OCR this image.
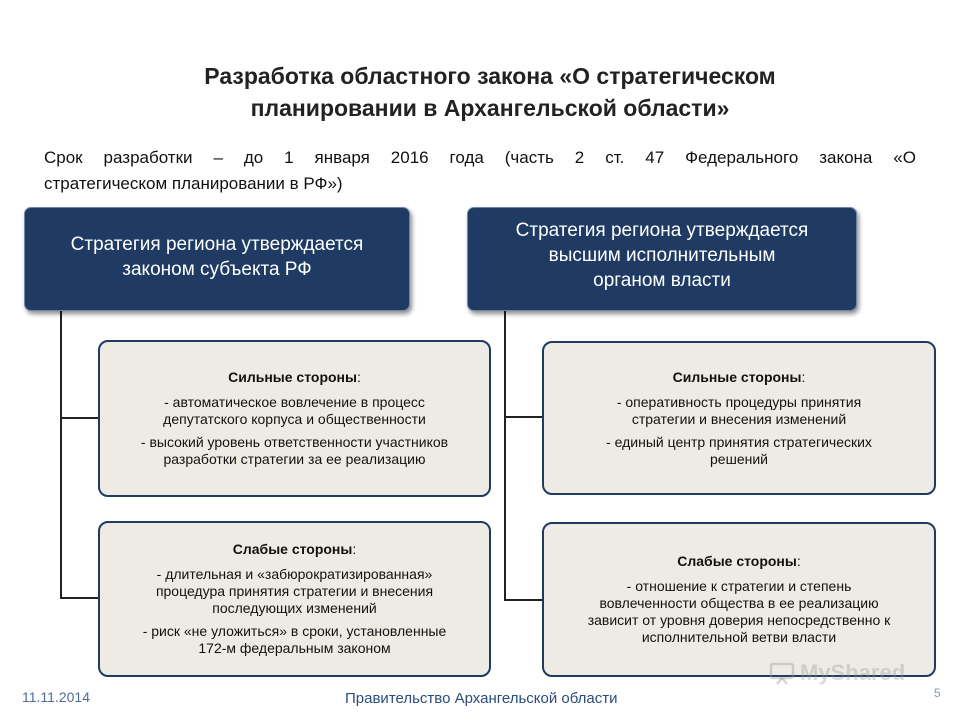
Разработка областного закона «О стратегическом
планировании в Архангельской области»
Срок разработки – до 1 января 2016 года (часть 2 ст. 47 Федерального закона «О
стратегическом планировании в РФ»)
Стратегия региона утверждается
законом субъекта РФ
Стратегия региона утверждается
высшим исполнительным
органом власти
Сильные стороны:
- автоматическое вовлечение в процесс
депутатского корпуса и общественности
- высокий уровень ответственности участников
разработки стратегии за ее реализацию
Слабые стороны:
- длительная и «забюрократизированная»
процедура принятия стратегии и внесения
последующих изменений
- риск «не уложиться» в сроки, установленные
172-м федеральным законом
Сильные стороны:
- оперативность процедуры принятия
стратегии и внесения изменений
- единый центр принятия стратегических
решений
Слабые стороны:
- отношение к стратегии и степень
вовлеченности общества в ее реализацию
зависит от уровня доверия непосредственно к
исполнительной ветви власти
MyShared
11.11.2014	Правительство Архангельской области	5
